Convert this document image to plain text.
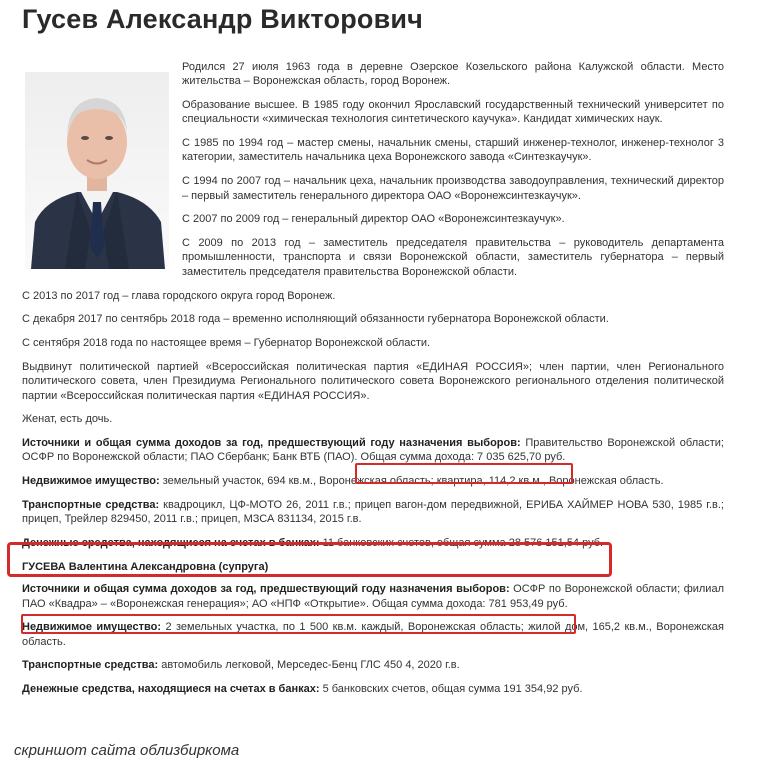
Гусев Александр Викторович

Родился 27 июля 1963 года в деревне Озерское Козельского района Калужской области. Место жительства – Воронежская область, город Воронеж.

Образование высшее. В 1985 году окончил Ярославский государственный технический университет по специальности «химическая технология синтетического каучука». Кандидат химических наук.

С 1985 по 1994 год – мастер смены, начальник смены, старший инженер-технолог, инженер-технолог 3 категории, заместитель начальника цеха Воронежского завода «Синтезкаучук».

С 1994 по 2007 год – начальник цеха, начальник производства заводоуправления, технический директор – первый заместитель генерального директора ОАО «Воронежсинтезкаучук».

С 2007 по 2009 год – генеральный директор ОАО «Воронежсинтезкаучук».

С 2009 по 2013 год – заместитель председателя правительства – руководитель департамента промышленности, транспорта и связи Воронежской области, заместитель губернатора – первый заместитель председателя правительства Воронежской области.

С 2013 по 2017 год – глава городского округа город Воронеж.

С декабря 2017 по сентябрь 2018 года – временно исполняющий обязанности губернатора Воронежской области.

С сентября 2018 года по настоящее время – Губернатор Воронежской области.

Выдвинут политической партией «Всероссийская политическая партия «ЕДИНАЯ РОССИЯ»; член партии, член Регионального политического совета, член Президиума Регионального политического совета Воронежского регионального отделения политической партии «Всероссийская политическая партия «ЕДИНАЯ РОССИЯ».

Женат, есть дочь.

Источники и общая сумма доходов за год, предшествующий году назначения выборов: Правительство Воронежской области; ОСФР по Воронежской области; ПАО Сбербанк; Банк ВТБ (ПАО). Общая сумма дохода: 7 035 625,70 руб.

Недвижимое имущество: земельный участок, 694 кв.м., Воронежская область; квартира, 114,2 кв.м., Воронежская область.

Транспортные средства: квадроцикл, ЦФ-МОТО 26, 2011 г.в.; прицеп вагон-дом передвижной, ЕРИБА ХАЙМЕР НОВА 530, 1985 г.в.; прицеп, Трейлер 829450, 2011 г.в.; прицеп, МЗСА 831134, 2015 г.в.

Денежные средства, находящиеся на счетах в банках: 11 банковских счетов, общая сумма 28 576 151,54 руб.

ГУСЕВА Валентина Александровна (супруга)

Источники и общая сумма доходов за год, предшествующий году назначения выборов: ОСФР по Воронежской области; филиал ПАО «Квадра» – «Воронежская генерация»; АО «НПФ «Открытие». Общая сумма дохода: 781 953,49 руб.

Недвижимое имущество: 2 земельных участка, по 1 500 кв.м. каждый, Воронежская область; жилой дом, 165,2 кв.м., Воронежская область.

Транспортные средства: автомобиль легковой, Мерседес-Бенц ГЛС 450 4, 2020 г.в.

Денежные средства, находящиеся на счетах в банках: 5 банковских счетов, общая сумма 191 354,92 руб.

скриншот сайта облизбиркома
